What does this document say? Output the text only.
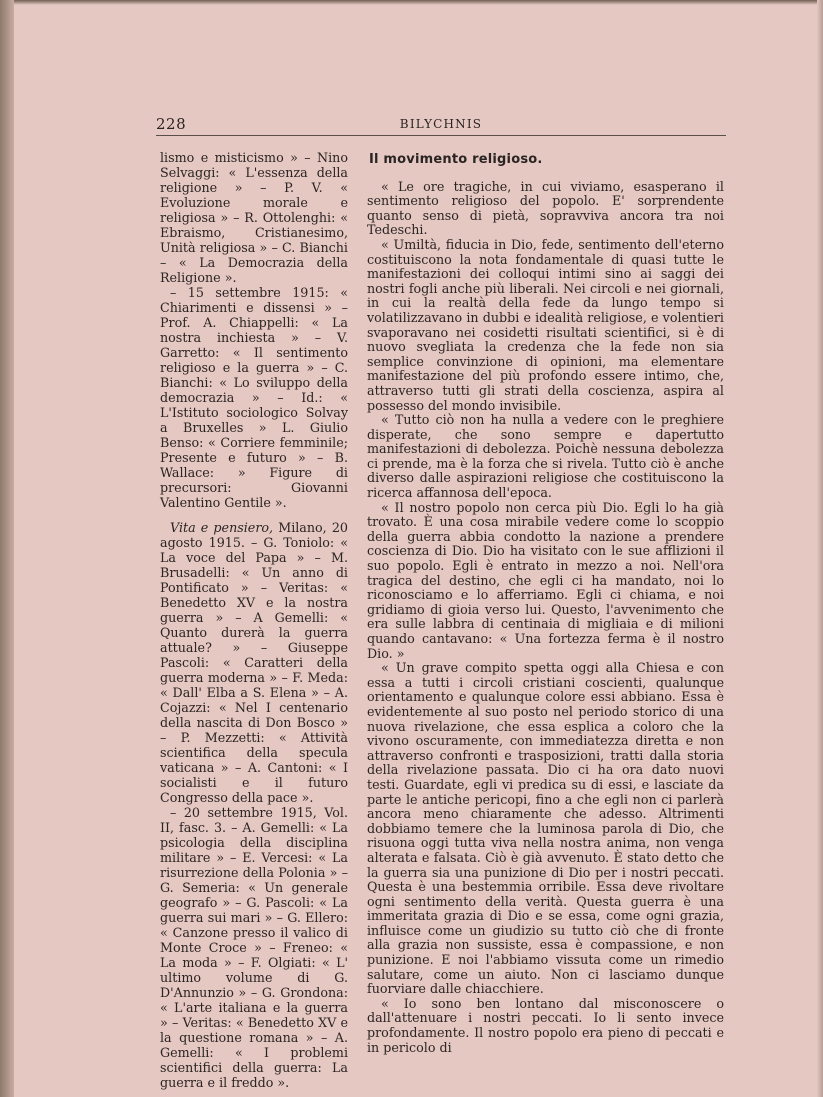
228	BILYCHNIS

lismo e misticismo » – Nino Selvaggi: « L'essenza della religione » – P. V. « Evoluzione morale e religiosa » – R. Ottolenghi: « Ebraismo, Cristianesimo, Unità religiosa » – C. Bianchi – « La Democrazia della Religione ».

– 15 settembre 1915: « Chiarimenti e dissensi » – Prof. A. Chiappelli: « La nostra inchiesta » – V. Garretto: « Il sentimento religioso e la guerra » – C. Bianchi: « Lo sviluppo della democrazia » – Id.: « L'Istituto sociologico Solvay a Bruxelles » L. Giulio Benso: « Corriere femminile; Presente e futuro » – B. Wallace: » Figure di precursori: Giovanni Valentino Gentile ».

Vita e pensiero, Milano, 20 agosto 1915. – G. Toniolo: « La voce del Papa » – M. Brusadelli: « Un anno di Pontificato » – Veritas: « Benedetto XV e la nostra guerra » – A Gemelli: « Quanto durerà la guerra attuale? » – Giuseppe Pascoli: « Caratteri della guerra moderna » – F. Meda: « Dall' Elba a S. Elena » – A. Cojazzi: « Nel I centenario della nascita di Don Bosco » – P. Mezzetti: « Attività scientifica della specula vaticana » – A. Cantoni: « I socialisti e il futuro Congresso della pace ».

– 20 settembre 1915, Vol. II, fasc. 3. – A. Gemelli: « La psicologia della disciplina militare » – E. Vercesi: « La risurrezione della Polonia » – G. Semeria: « Un generale geografo » – G. Pascoli: « La guerra sui mari » – G. Ellero: « Canzone presso il valico di Monte Croce » – Freneo: « La moda » – F. Olgiati: « L' ultimo volume di G. D'Annunzio » – G. Grondona: « L'arte italiana e la guerra » – Veritas: « Benedetto XV e la questione romana » – A. Gemelli: « I problemi scientifici della guerra: La guerra e il freddo ».

Il movimento religioso.

« Le ore tragiche, in cui viviamo, esasperano il sentimento religioso del popolo. E' sorprendente quanto senso di pietà, sopravviva ancora tra noi Tedeschi.

« Umiltà, fiducia in Dio, fede, sentimento dell'eterno costituiscono la nota fondamentale di quasi tutte le manifestazioni dei colloqui intimi sino ai saggi dei nostri fogli anche più liberali. Nei circoli e nei giornali, in cui la realtà della fede da lungo tempo si volatilizzavano in dubbi e idealità religiose, e volentieri svaporavano nei cosidetti risultati scientifici, si è di nuovo svegliata la credenza che la fede non sia semplice convinzione di opinioni, ma elementare manifestazione del più profondo essere intimo, che, attraverso tutti gli strati della coscienza, aspira al possesso del mondo invisibile.

« Tutto ciò non ha nulla a vedere con le preghiere disperate, che sono sempre e dapertutto manifestazioni di debolezza. Poichè nessuna debolezza ci prende, ma è la forza che si rivela. Tutto ciò è anche diverso dalle aspirazioni religiose che costituiscono la ricerca affannosa dell'epoca.

« Il nostro popolo non cerca più Dio. Egli lo ha già trovato. È una cosa mirabile vedere come lo scoppio della guerra abbia condotto la nazione a prendere coscienza di Dio. Dio ha visitato con le sue afflizioni il suo popolo. Egli è entrato in mezzo a noi. Nell'ora tragica del destino, che egli ci ha mandato, noi lo riconosciamo e lo afferriamo. Egli ci chiama, e noi gridiamo di gioia verso lui. Questo, l'avvenimento che era sulle labbra di centinaia di migliaia e di milioni quando cantavano: « Una fortezza ferma è il nostro Dio. »

« Un grave compito spetta oggi alla Chiesa e con essa a tutti i circoli cristiani coscienti, qualunque orientamento e qualunque colore essi abbiano. Essa è evidentemente al suo posto nel periodo storico di una nuova rivelazione, che essa esplica a coloro che la vivono oscuramente, con immediatezza diretta e non attraverso confronti e trasposizioni, tratti dalla storia della rivelazione passata. Dio ci ha ora dato nuovi testi. Guardate, egli vi predica su di essi, e lasciate da parte le antiche pericopi, fino a che egli non ci parlerà ancora meno chiaramente che adesso. Altrimenti dobbiamo temere che la luminosa parola di Dio, che risuona oggi tutta viva nella nostra anima, non venga alterata e falsata. Ciò è già avvenuto. È stato detto che la guerra sia una punizione di Dio per i nostri peccati. Questa è una bestemmia orribile. Essa deve rivoltare ogni sentimento della verità. Questa guerra è una immeritata grazia di Dio e se essa, come ogni grazia, influisce come un giudizio su tutto ciò che di fronte alla grazia non sussiste, essa è compassione, e non punizione. E noi l'abbiamo vissuta come un rimedio salutare, come un aiuto. Non ci lasciamo dunque fuorviare dalle chiacchiere.

« Io sono ben lontano dal misconoscere o dall'attenuare i nostri peccati. Io li sento invece profondamente. Il nostro popolo era pieno di peccati e in pericolo di
